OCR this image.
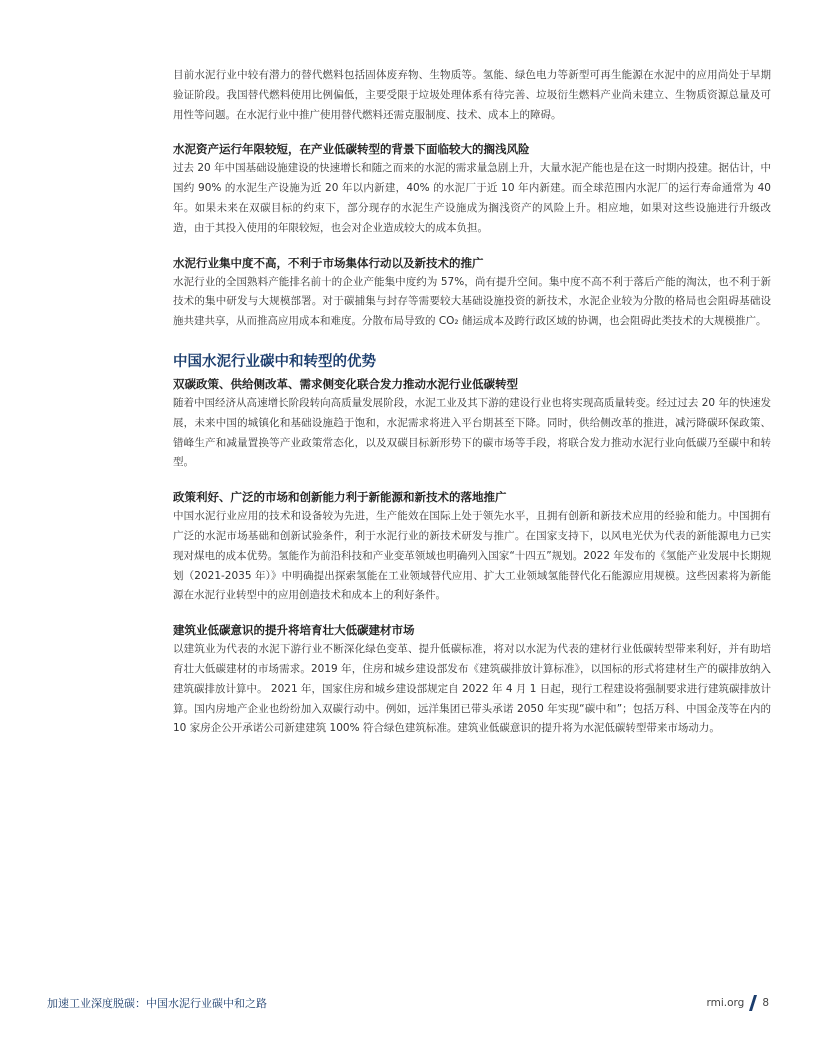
目前水泥行业中较有潜力的替代燃料包括固体废弃物、生物质等。氢能、绿色电力等新型可再生能源在水泥中的应用尚处于早期验证阶段。我国替代燃料使用比例偏低，主要受限于垃圾处理体系有待完善、垃圾衍生燃料产业尚未建立、生物质资源总量及可用性等问题。在水泥行业中推广使用替代燃料还需克服制度、技术、成本上的障碍。

水泥资产运行年限较短，在产业低碳转型的背景下面临较大的搁浅风险

过去 20 年中国基础设施建设的快速增长和随之而来的水泥的需求量急剧上升，大量水泥产能也是在这一时期内投建。据估计，中国约 90% 的水泥生产设施为近 20 年以内新建，40% 的水泥厂于近 10 年内新建。而全球范围内水泥厂的运行寿命通常为 40 年。如果未来在双碳目标的约束下，部分现存的水泥生产设施成为搁浅资产的风险上升。相应地，如果对这些设施进行升级改造，由于其投入使用的年限较短，也会对企业造成较大的成本负担。

水泥行业集中度不高，不利于市场集体行动以及新技术的推广

水泥行业的全国熟料产能排名前十的企业产能集中度约为 57%，尚有提升空间。集中度不高不利于落后产能的淘汰，也不利于新技术的集中研发与大规模部署。对于碳捕集与封存等需要较大基础设施投资的新技术，水泥企业较为分散的格局也会阻碍基础设施共建共享，从而推高应用成本和难度。分散布局导致的 CO₂ 储运成本及跨行政区域的协调，也会阻碍此类技术的大规模推广。

中国水泥行业碳中和转型的优势

双碳政策、供给侧改革、需求侧变化联合发力推动水泥行业低碳转型

随着中国经济从高速增长阶段转向高质量发展阶段，水泥工业及其下游的建设行业也将实现高质量转变。经过过去 20 年的快速发展，未来中国的城镇化和基础设施趋于饱和，水泥需求将进入平台期甚至下降。同时，供给侧改革的推进，减污降碳环保政策、错峰生产和减量置换等产业政策常态化，以及双碳目标新形势下的碳市场等手段，将联合发力推动水泥行业向低碳乃至碳中和转型。

政策利好、广泛的市场和创新能力利于新能源和新技术的落地推广

中国水泥行业应用的技术和设备较为先进，生产能效在国际上处于领先水平，且拥有创新和新技术应用的经验和能力。中国拥有广泛的水泥市场基础和创新试验条件，利于水泥行业的新技术研发与推广。在国家支持下，以风电光伏为代表的新能源电力已实现对煤电的成本优势。氢能作为前沿科技和产业变革领域也明确列入国家“十四五”规划。2022 年发布的《氢能产业发展中长期规划（2021-2035 年）》中明确提出探索氢能在工业领域替代应用、扩大工业领域氢能替代化石能源应用规模。这些因素将为新能源在水泥行业转型中的应用创造技术和成本上的利好条件。

建筑业低碳意识的提升将培育壮大低碳建材市场

以建筑业为代表的水泥下游行业不断深化绿色变革、提升低碳标准，将对以水泥为代表的建材行业低碳转型带来利好，并有助培育壮大低碳建材的市场需求。2019 年，住房和城乡建设部发布《建筑碳排放计算标准》，以国标的形式将建材生产的碳排放纳入建筑碳排放计算中。 2021 年，国家住房和城乡建设部规定自 2022 年 4 月 1 日起，现行工程建设将强制要求进行建筑碳排放计算。国内房地产企业也纷纷加入双碳行动中。例如，远洋集团已带头承诺 2050 年实现“碳中和”；包括万科、中国金茂等在内的 10 家房企公开承诺公司新建建筑 100% 符合绿色建筑标准。建筑业低碳意识的提升将为水泥低碳转型带来市场动力。

加速工业深度脱碳：中国水泥行业碳中和之路	rmi.org 8
